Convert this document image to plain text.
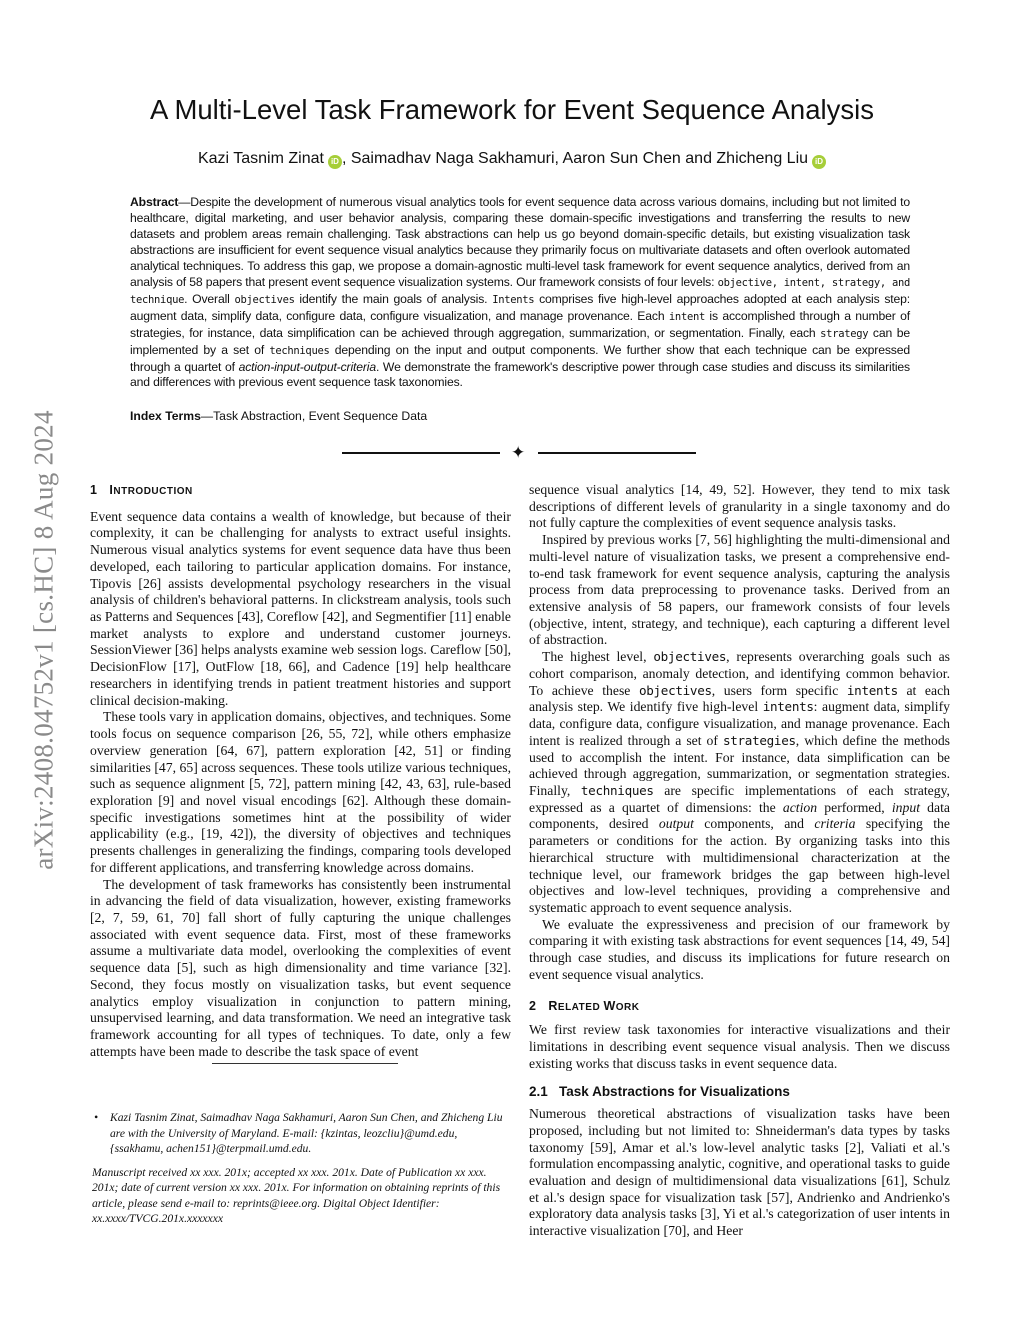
arXiv:2408.04752v1 [cs.HC] 8 Aug 2024
A Multi-Level Task Framework for Event Sequence Analysis
Kazi Tasnim Zinat iD , Saimadhav Naga Sakhamuri, Aaron Sun Chen and Zhicheng Liu iD
Abstract—Despite the development of numerous visual analytics tools for event sequence data across various domains, including but not limited to healthcare, digital marketing, and user behavior analysis, comparing these domain-specific investigations and transferring the results to new datasets and problem areas remain challenging. Task abstractions can help us go beyond domain-specific details, but existing visualization task abstractions are insufficient for event sequence visual analytics because they primarily focus on multivariate datasets and often overlook automated analytical techniques. To address this gap, we propose a domain-agnostic multi-level task framework for event sequence analytics, derived from an analysis of 58 papers that present event sequence visualization systems. Our framework consists of four levels: objective, intent, strategy, and technique. Overall objectives identify the main goals of analysis. Intents comprises five high-level approaches adopted at each analysis step: augment data, simplify data, configure data, configure visualization, and manage provenance. Each intent is accomplished through a number of strategies, for instance, data simplification can be achieved through aggregation, summarization, or segmentation. Finally, each strategy can be implemented by a set of techniques depending on the input and output components. We further show that each technique can be expressed through a quartet of action-input-output-criteria. We demonstrate the framework's descriptive power through case studies and discuss its similarities and differences with previous event sequence task taxonomies.
Index Terms—Task Abstraction, Event Sequence Data
✦
1 INTRODUCTION

Event sequence data contains a wealth of knowledge, but because of their complexity, it can be challenging for analysts to extract useful insights. Numerous visual analytics systems for event sequence data have thus been developed, each tailoring to particular application domains. For instance, Tipovis [26] assists developmental psychology researchers in the visual analysis of children's behavioral patterns. In clickstream analysis, tools such as Patterns and Sequences [43], Coreflow [42], and Segmentifier [11] enable market analysts to explore and understand customer journeys. SessionViewer [36] helps analysts examine web session logs. Careflow [50], DecisionFlow [17], OutFlow [18, 66], and Cadence [19] help healthcare researchers in identifying trends in patient treatment histories and support clinical decision-making.

These tools vary in application domains, objectives, and techniques. Some tools focus on sequence comparison [26, 55, 72], while others emphasize overview generation [64, 67], pattern exploration [42, 51] or finding similarities [47, 65] across sequences. These tools utilize various techniques, such as sequence alignment [5, 72], pattern mining [42, 43, 63], rule-based exploration [9] and novel visual encodings [62]. Although these domain-specific investigations sometimes hint at the possibility of wider applicability (e.g., [19, 42]), the diversity of objectives and techniques presents challenges in generalizing the findings, comparing tools developed for different applications, and transferring knowledge across domains.

The development of task frameworks has consistently been instrumental in advancing the field of data visualization, however, existing frameworks [2, 7, 59, 61, 70] fall short of fully capturing the unique challenges associated with event sequence data. First, most of these frameworks assume a multivariate data model, overlooking the complexities of event sequence data [5], such as high dimensionality and time variance [32]. Second, they focus mostly on visualization tasks, but event sequence analytics employ visualization in conjunction to pattern mining, unsupervised learning, and data transformation. We need an integrative task framework accounting for all types of techniques. To date, only a few attempts have been made to describe the task space of event

sequence visual analytics [14, 49, 52]. However, they tend to mix task descriptions of different levels of granularity in a single taxonomy and do not fully capture the complexities of event sequence analysis tasks.

Inspired by previous works [7, 56] highlighting the multi-dimensional and multi-level nature of visualization tasks, we present a comprehensive end-to-end task framework for event sequence analysis, capturing the analysis process from data preprocessing to provenance tasks. Derived from an extensive analysis of 58 papers, our framework consists of four levels (objective, intent, strategy, and technique), each capturing a different level of abstraction.

The highest level, objectives, represents overarching goals such as cohort comparison, anomaly detection, and identifying common behavior. To achieve these objectives, users form specific intents at each analysis step. We identify five high-level intents: augment data, simplify data, configure data, configure visualization, and manage provenance. Each intent is realized through a set of strategies, which define the methods used to accomplish the intent. For instance, data simplification can be achieved through aggregation, summarization, or segmentation strategies. Finally, techniques are specific implementations of each strategy, expressed as a quartet of dimensions: the action performed, input data components, desired output components, and criteria specifying the parameters or conditions for the action. By organizing tasks into this hierarchical structure with multidimensional characterization at the technique level, our framework bridges the gap between high-level objectives and low-level techniques, providing a comprehensive and systematic approach to event sequence analysis.

We evaluate the expressiveness and precision of our framework by comparing it with existing task abstractions for event sequences [14, 49, 54] through case studies, and discuss its implications for future research on event sequence visual analytics.

2 RELATED WORK

We first review task taxonomies for interactive visualizations and their limitations in describing event sequence visual analysis. Then we discuss existing works that discuss tasks in event sequence data.

2.1 Task Abstractions for Visualizations

Numerous theoretical abstractions of visualization tasks have been proposed, including but not limited to: Shneiderman's data types by tasks taxonomy [59], Amar et al.'s low-level analytic tasks [2], Valiati et al.'s formulation encompassing analytic, cognitive, and operational tasks to guide evaluation and design of multidimensional data visualizations [61], Schulz et al.'s design space for visualization task [57], Andrienko and Andrienko's exploratory data analysis tasks [3], Yi et al.'s categorization of user intents in interactive visualization [70], and Heer

•	Kazi Tasnim Zinat, Saimadhav Naga Sakhamuri, Aaron Sun Chen, and Zhicheng Liu are with the University of Maryland. E-mail: {kzintas, leozcliu}@umd.edu, {ssakhamu, achen151}@terpmail.umd.edu.
Manuscript received xx xxx. 201x; accepted xx xxx. 201x. Date of Publication xx xxx. 201x; date of current version xx xxx. 201x. For information on obtaining reprints of this article, please send e-mail to: reprints@ieee.org. Digital Object Identifier: xx.xxxx/TVCG.201x.xxxxxxx
